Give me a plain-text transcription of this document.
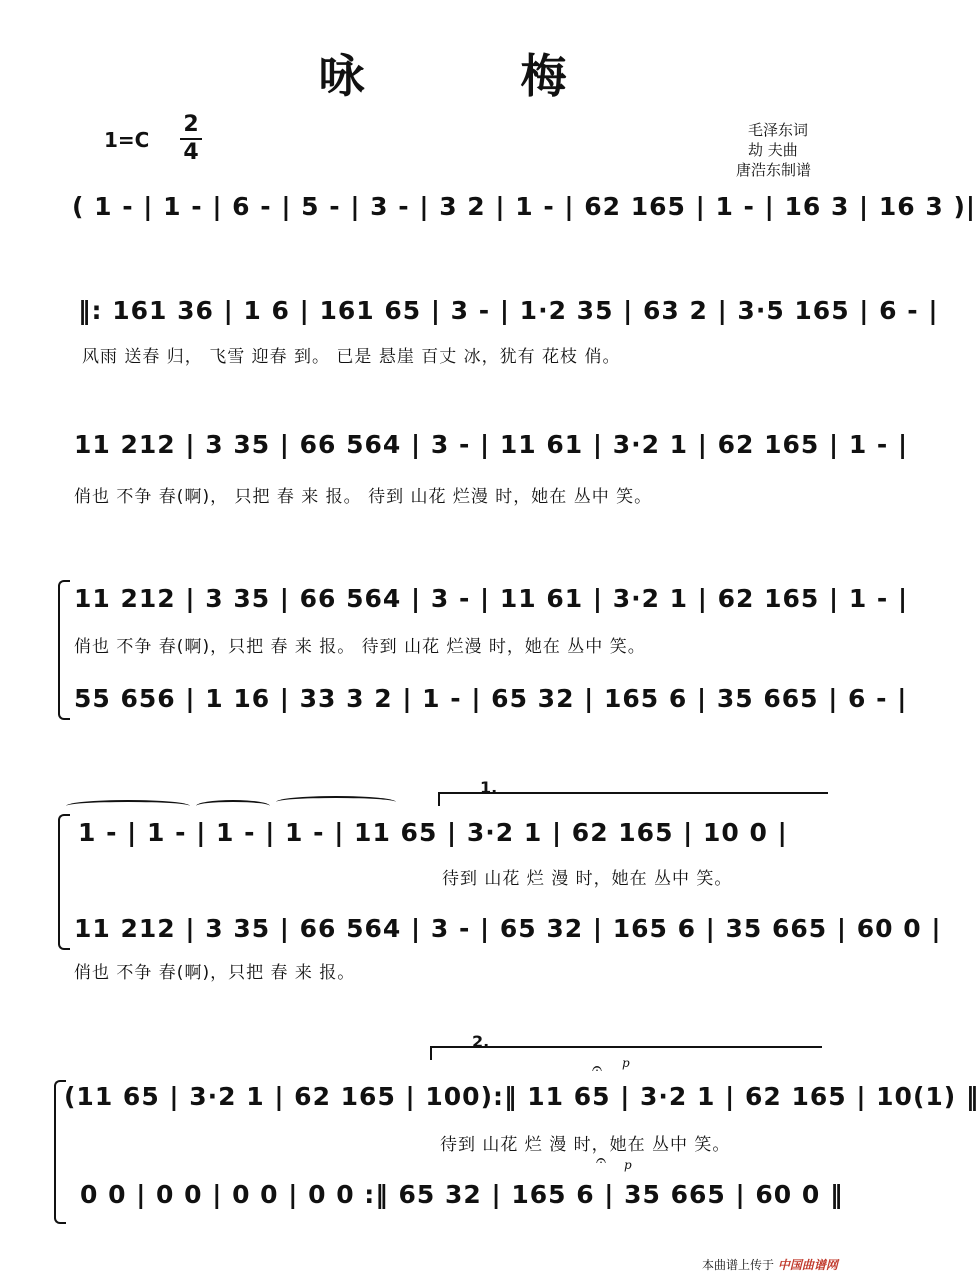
咏 梅
1=C
2
4
毛泽东词
劫 夫曲
唐浩东制谱
( 1 - | 1 - | 6 - | 5 - | 3 - | 3 2 | 1 - | 62 165 | 1 - | 16 3 | 16 3 )|
‖: 161 36 | 1 6 | 161 65 | 3 - | 1·2 35 | 63 2 | 3·5 165 | 6 - |
风雨 送春 归， 飞雪 迎春 到。 已是 悬崖 百丈 冰，犹有 花枝 俏。
11 212 | 3 35 | 66 564 | 3 - | 11 61 | 3·2 1 | 62 165 | 1 - |
俏也 不争 春(啊)， 只把 春 来 报。 待到 山花 烂漫 时，她在 丛中 笑。
11 212 | 3 35 | 66 564 | 3 - | 11 61 | 3·2 1 | 62 165 | 1 - |
俏也 不争 春(啊)，只把 春 来 报。 待到 山花 烂漫 时，她在 丛中 笑。
55 656 | 1 16 | 33 3 2 | 1 - | 65 32 | 165 6 | 35 665 | 6 - |
1.
1 - | 1 - | 1 - | 1 - | 11 65 | 3·2 1 | 62 165 | 10 0 |
待到 山花 烂 漫 时，她在 丛中 笑。
11 212 | 3 35 | 66 564 | 3 - | 65 32 | 165 6 | 35 665 | 60 0 |
俏也 不争 春(啊)，只把 春 来 报。
2.
𝄐 p
(11 65 | 3·2 1 | 62 165 | 100):‖ 11 65 | 3·2 1 | 62 165 | 10(1) ‖
待到 山花 烂 漫 时，她在 丛中 笑。
𝄐 p
0 0 | 0 0 | 0 0 | 0 0 :‖ 65 32 | 165 6 | 35 665 | 60 0 ‖
本曲谱上传于 中国曲谱网
